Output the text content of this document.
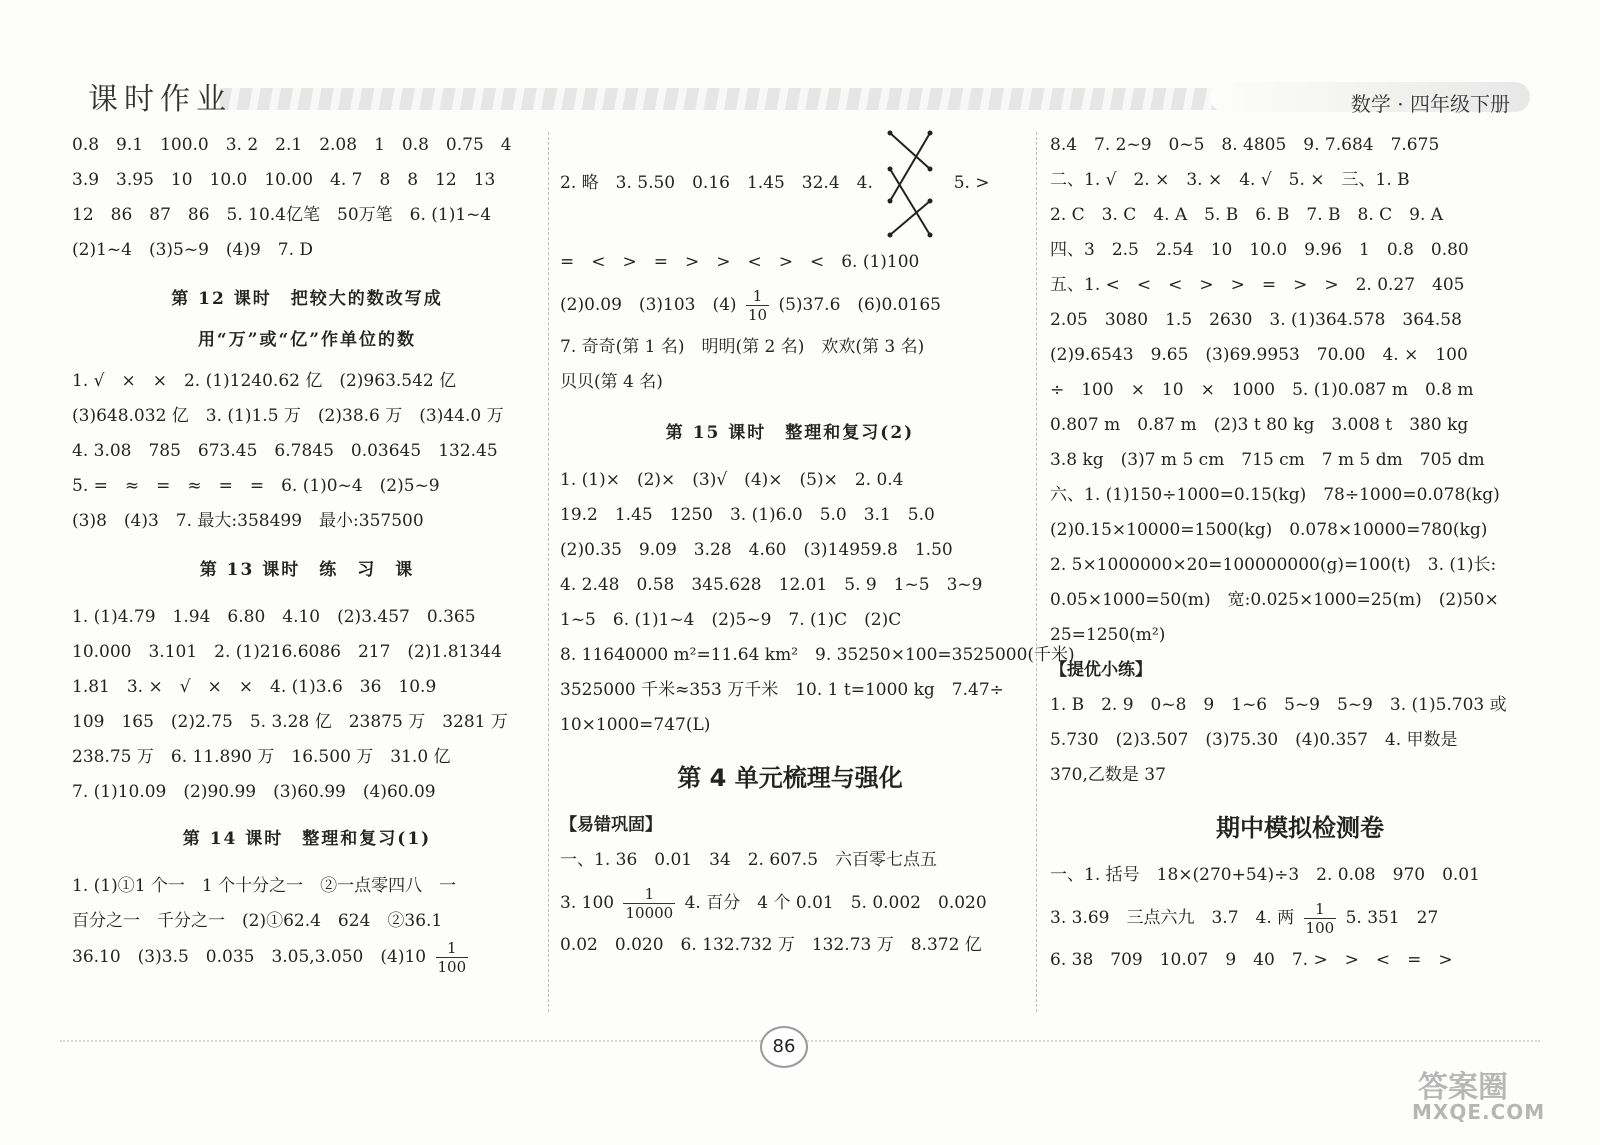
课时作业	数学 · 四年级下册

0.8　9.1　100.0　3. 2　2.1　2.08　1　0.8　0.75　4

3.9　3.95　10　10.0　10.00　4. 7　8　8　12　13

12　86　87　86　5. 10.4亿笔　50万笔　6. (1)1~4

(2)1~4　(3)5~9　(4)9　7. D

第 12 课时　把较大的数改写成

用“万”或“亿”作单位的数

1. √　×　×　2. (1)1240.62 亿　(2)963.542 亿

(3)648.032 亿　3. (1)1.5 万　(2)38.6 万　(3)44.0 万

4. 3.08　785　673.45　6.7845　0.03645　132.45

5. =　≈　=　≈　=　=　6. (1)0~4　(2)5~9

(3)8　(4)3　7. 最大:358499　最小:357500

第 13 课时　练　习　课

1. (1)4.79　1.94　6.80　4.10　(2)3.457　0.365

10.000　3.101　2. (1)216.6086　217　(2)1.81344

1.81　3. ×　√　×　×　4. (1)3.6　36　10.9

109　165　(2)2.75　5. 3.28 亿　23875 万　3281 万

238.75 万　6. 11.890 万　16.500 万　31.0 亿

7. (1)10.09　(2)90.99　(3)60.99　(4)60.09

第 14 课时　整理和复习(1)

1. (1)①1 个一　1 个十分之一　②一点零四八　一

百分之一　千分之一　(2)①62.4　624　②36.1

36.10　(3)3.5　0.035　3.05,3.050　$(4)10 \frac{1}{100}$

2. 略　3. 5.50　0.16　1.45　32.4　4.	5. >

=　<　>　=　>　>　<　>　<　6. (1)100

(2)0.09　(3)103　$(4) \frac{1}{10} (5)37.6$　(6)0.0165

7. 奇奇(第 1 名)　明明(第 2 名)　欢欢(第 3 名)

贝贝(第 4 名)

第 15 课时　整理和复习(2)

1. (1)×　(2)×　(3)√　(4)×　(5)×　2. 0.4

19.2　1.45　1250　3. (1)6.0　5.0　3.1　5.0

(2)0.35　9.09　3.28　4.60　(3)14959.8　1.50

4. 2.48　0.58　345.628　12.01　5. 9　1~5　3~9

1~5　6. (1)1~4　(2)5~9　7. (1)C　(2)C

8. 11640000 m²=11.64 km²　9. 35250×100=3525000(千米)

3525000 千米≈353 万千米　10. 1 t=1000 kg　7.47÷

10×1000=747(L)

第 4 单元梳理与强化

【易错巩固】

一、1. 36　0.01　34　2. 607.5　六百零七点五

3. $100 \frac{1}{10000} 4$. 百分　4 个 0.01　5. 0.002　0.020

0.02　0.020　6. 132.732 万　132.73 万　8.372 亿

8.4　7. 2~9　0~5　8. 4805　9. 7.684　7.675

二、1. √　2. ×　3. ×　4. √　5. ×　三、1. B

2. C　3. C　4. A　5. B　6. B　7. B　8. C　9. A

四、3　2.5　2.54　10　10.0　9.96　1　0.8　0.80

五、1. <　<　<　>　>　=　>　>　2. 0.27　405

2.05　3080　1.5　2630　3. (1)364.578　364.58

(2)9.6543　9.65　(3)69.9953　70.00　4. ×　100

÷　100　×　10　×　1000　5. (1)0.087 m　0.8 m

0.807 m　0.87 m　(2)3 t 80 kg　3.008 t　380 kg

3.8 kg　(3)7 m 5 cm　715 cm　7 m 5 dm　705 dm

六、1. (1)150÷1000=0.15(kg)　78÷1000=0.078(kg)

(2)0.15×10000=1500(kg)　0.078×10000=780(kg)

2. 5×1000000×20=100000000(g)=100(t)　3. (1)长:

0.05×1000=50(m)　宽:0.025×1000=25(m)　(2)50×

25=1250(m²)

【提优小练】

1. B　2. 9　0~8　9　1~6　5~9　5~9　3. (1)5.703 或

5.730　(2)3.507　(3)75.30　(4)0.357　4. 甲数是

370,乙数是 37

期中模拟检测卷

一、1. 括号　18×(270+54)÷3　2. 0.08　970　0.01

3. 3.69　三点六九　3.7　4. 两 $\frac{1}{100} 5$. 351　27

6. 38　709　10.07　9　40　7. >　>　<　=　>

86
答案圈
MXQE.COM
